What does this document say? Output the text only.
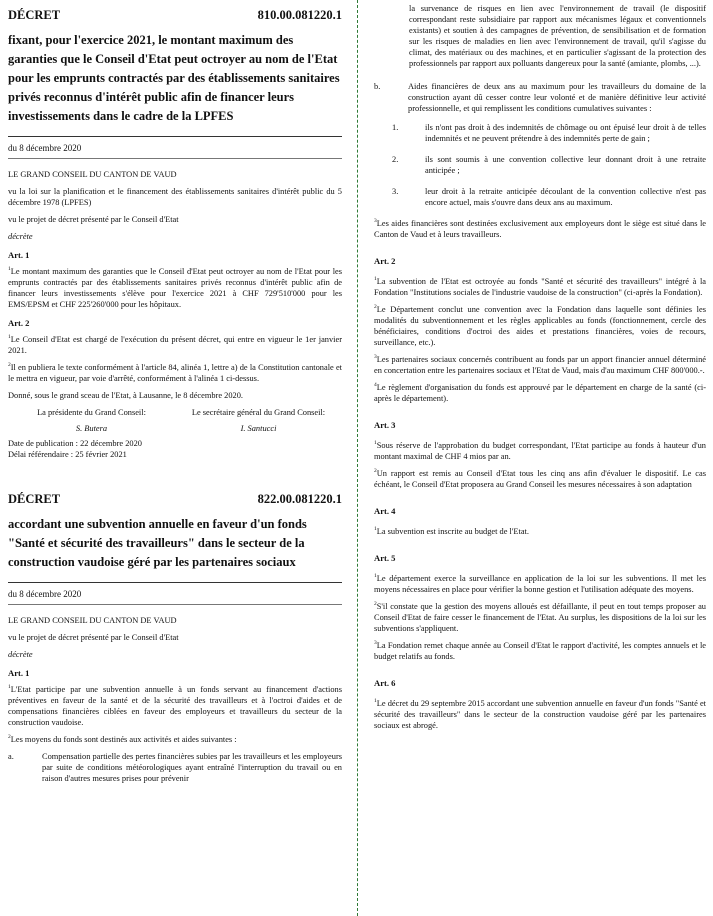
DÉCRET	810.00.081220.1
fixant, pour l'exercice 2021, le montant maximum des garanties que le Conseil d'Etat peut octroyer au nom de l'Etat pour les emprunts contractés par des établissements sanitaires privés reconnus d'intérêt public afin de financer leurs investissements dans le cadre de la LPFES
du 8 décembre 2020

LE GRAND CONSEIL DU CANTON DE VAUD

vu la loi sur la planification et le financement des établissements sanitaires d'intérêt public du 5 décembre 1978 (LPFES)

vu le projet de décret présenté par le Conseil d'Etat

décrète

Art. 1

$^1$Le montant maximum des garanties que le Conseil d'Etat peut octroyer au nom de l'Etat pour les emprunts contractés par des établissements sanitaires privés reconnus d'intérêt public afin de financer leurs investissements s'élève pour l'exercice 2021 à CHF 729'510'000 pour les EMS/EPSM et CHF 225'260'000 pour les hôpitaux.

Art. 2

$^1$Le Conseil d'Etat est chargé de l'exécution du présent décret, qui entre en vigueur le 1er janvier 2021.

$^2$Il en publiera le texte conformément à l'article 84, alinéa 1, lettre a) de la Constitution cantonale et le mettra en vigueur, par voie d'arrêté, conformément à l'alinéa 1 ci-dessus.

Donné, sous le grand sceau de l'Etat, à Lausanne, le 8 décembre 2020.

La présidente du Grand Conseil:	Le secrétaire général du Grand Conseil:
S. Butera	I. Santucci

Date de publication : 22 décembre 2020

Délai référendaire : 25 février 2021

DÉCRET	822.00.081220.1
accordant une subvention annuelle en faveur d'un fonds "Santé et sécurité des travailleurs" dans le secteur de la construction vaudoise géré par les partenaires sociaux
du 8 décembre 2020

LE GRAND CONSEIL DU CANTON DE VAUD

vu le projet de décret présenté par le Conseil d'Etat

décrète

Art. 1

$^1$L'Etat participe par une subvention annuelle à un fonds servant au financement d'actions préventives en faveur de la santé et de la sécurité des travailleurs et à l'octroi d'aides et de compensations financières ciblées en faveur des employeurs et travailleurs du secteur de la construction vaudoise.

$^2$Les moyens du fonds sont destinés aux activités et aides suivantes :

a.	Compensation partielle des pertes financières subies par les travailleurs et les employeurs par suite de conditions météorologiques ayant entraîné l'interruption du travail ou en raison d'autres mesures prises pour prévenir

la survenance de risques en lien avec l'environnement de travail (le dispositif correspondant reste subsidiaire par rapport aux mécanismes légaux et conventionnels existants) et soutien à des campagnes de prévention, de sensibilisation et de formation sur les risques de maladies en lien avec l'environnement de travail, qu'il s'agisse du climat, des matériaux ou des machines, et en particulier s'agissant de la protection des professionnels par rapport aux polluants dangereux pour la santé (amiante, plombs, ...).

b.	Aides financières de deux ans au maximum pour les travailleurs du domaine de la construction ayant dû cesser contre leur volonté et de manière définitive leur activité professionnelle, et qui remplissent les conditions cumulatives suivantes :
1.	ils n'ont pas droit à des indemnités de chômage ou ont épuisé leur droit à de telles indemnités et ne peuvent prétendre à des indemnités perte de gain ;
2.	ils sont soumis à une convention collective leur donnant droit à une retraite anticipée ;
3.	leur droit à la retraite anticipée découlant de la convention collective n'est pas encore actuel, mais s'ouvre dans deux ans au maximum.

$^3$Les aides financières sont destinées exclusivement aux employeurs dont le siège est situé dans le Canton de Vaud et à leurs travailleurs.

Art. 2

$^1$La subvention de l'Etat est octroyée au fonds "Santé et sécurité des travailleurs" intégré à la Fondation "Institutions sociales de l'industrie vaudoise de la construction" (ci-après la Fondation).

$^2$Le Département conclut une convention avec la Fondation dans laquelle sont définies les modalités du subventionnement et les règles applicables au fonds (fonctionnement, cercle des bénéficiaires, conditions d'octroi des aides et prestations financières, voies de recours, surveillance, etc.).

$^3$Les partenaires sociaux concernés contribuent au fonds par un apport financier annuel déterminé en concertation entre les partenaires sociaux et l'Etat de Vaud, mais d'au maximum CHF 800'000.-.

$^4$Le règlement d'organisation du fonds est approuvé par le département en charge de la santé (ci-après le département).

Art. 3

$^1$Sous réserve de l'approbation du budget correspondant, l'Etat participe au fonds à hauteur d'un montant maximal de CHF 4 mios par an.

$^2$Un rapport est remis au Conseil d'Etat tous les cinq ans afin d'évaluer le dispositif. Le cas échéant, le Conseil d'Etat proposera au Grand Conseil les mesures nécessaires à son adaptation

Art. 4

$^1$La subvention est inscrite au budget de l'Etat.

Art. 5

$^1$Le département exerce la surveillance en application de la loi sur les subventions. Il met les moyens nécessaires en place pour vérifier la bonne gestion et l'utilisation adéquate des moyens.

$^2$S'il constate que la gestion des moyens alloués est défaillante, il peut en tout temps proposer au Conseil d'Etat de faire cesser le financement de l'Etat. Au surplus, les dispositions de la loi sur les subventions s'appliquent.

$^3$La Fondation remet chaque année au Conseil d'Etat le rapport d'activité, les comptes annuels et le budget relatifs au fonds.

Art. 6

$^1$Le décret du 29 septembre 2015 accordant une subvention annuelle en faveur d'un fonds "Santé et sécurité des travailleurs" dans le secteur de la construction vaudoise géré par les partenaires sociaux est abrogé.
